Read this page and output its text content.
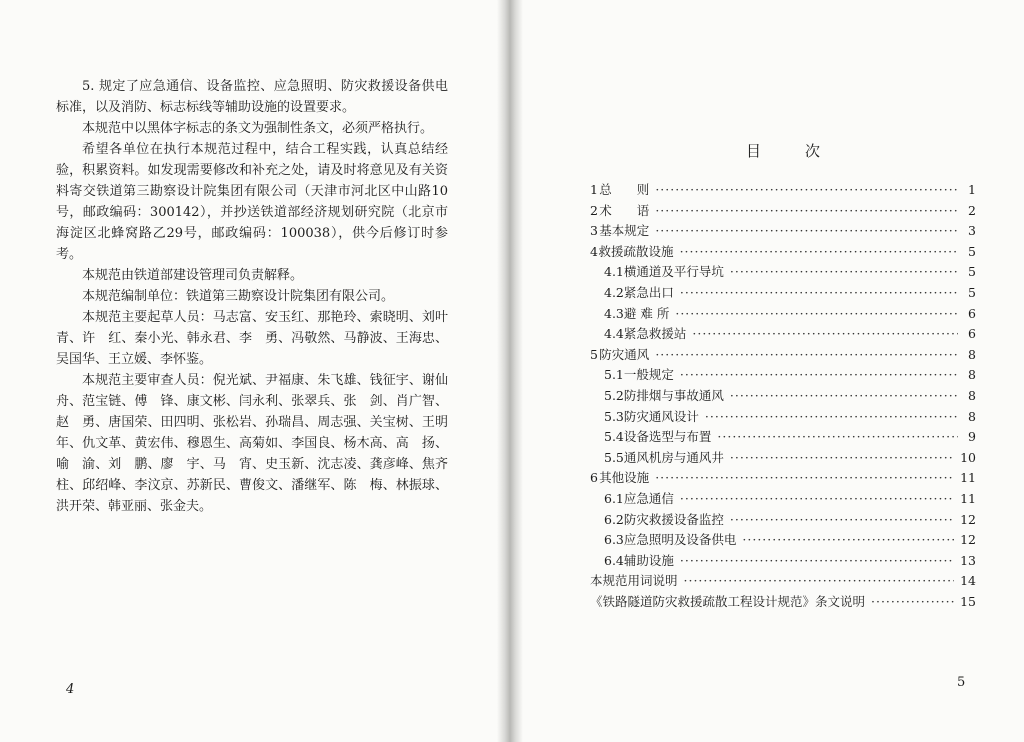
5. 规定了应急通信、设备监控、应急照明、防灾救援设备供电标准，以及消防、标志标线等辅助设施的设置要求。

本规范中以黑体字标志的条文为强制性条文，必须严格执行。

希望各单位在执行本规范过程中，结合工程实践，认真总结经验，积累资料。如发现需要修改和补充之处，请及时将意见及有关资料寄交铁道第三勘察设计院集团有限公司（天津市河北区中山路10号，邮政编码：300142），并抄送铁道部经济规划研究院（北京市海淀区北蜂窝路乙29号，邮政编码：100038），供今后修订时参考。

本规范由铁道部建设管理司负责解释。

本规范编制单位：铁道第三勘察设计院集团有限公司。

本规范主要起草人员：马志富、安玉红、那艳玲、索晓明、刘叶青、许　红、秦小光、韩永君、李　勇、冯敬然、马静波、王海忠、吴国华、王立媛、李怀鉴。

本规范主要审查人员：倪光斌、尹福康、朱飞雄、钱征宇、谢仙舟、范宝链、傅　锋、康文彬、闫永利、张翠兵、张　剑、肖广智、赵　勇、唐国荣、田四明、张松岩、孙瑞昌、周志强、关宝树、王明年、仇文革、黄宏伟、穆恩生、高菊如、李国良、杨木高、高　扬、喻　渝、刘　鹏、廖　宇、马　宵、史玉新、沈志凌、龚彦峰、焦齐柱、邱绍峰、李汶京、苏新民、曹俊文、潘继军、陈　梅、林振球、洪开荣、韩亚丽、张金夫。

4
目次
1 总　　则 ·····	1
2 术　　语 ·····	2
3 基本规定 ·····	3
4 救援疏散设施 ·····	5
4.1 横通道及平行导坑 ·····	5
4.2 紧急出口 ·····	5
4.3 避 难 所 ·····	6
4.4 紧急救援站 ·····	6
5 防灾通风 ·····	8
5.1 一般规定 ·····	8
5.2 防排烟与事故通风 ·····	8
5.3 防灾通风设计 ·····	8
5.4 设备选型与布置 ·····	9
5.5 通风机房与通风井 ·····	10
6 其他设施 ·····	11
6.1 应急通信 ·····	11
6.2 防灾救援设备监控 ·····	12
6.3 应急照明及设备供电 ·····	12
6.4 辅助设施 ·····	13
本规范用词说明 ·····	14
《铁路隧道防灾救援疏散工程设计规范》条文说明 ·····	15
5
